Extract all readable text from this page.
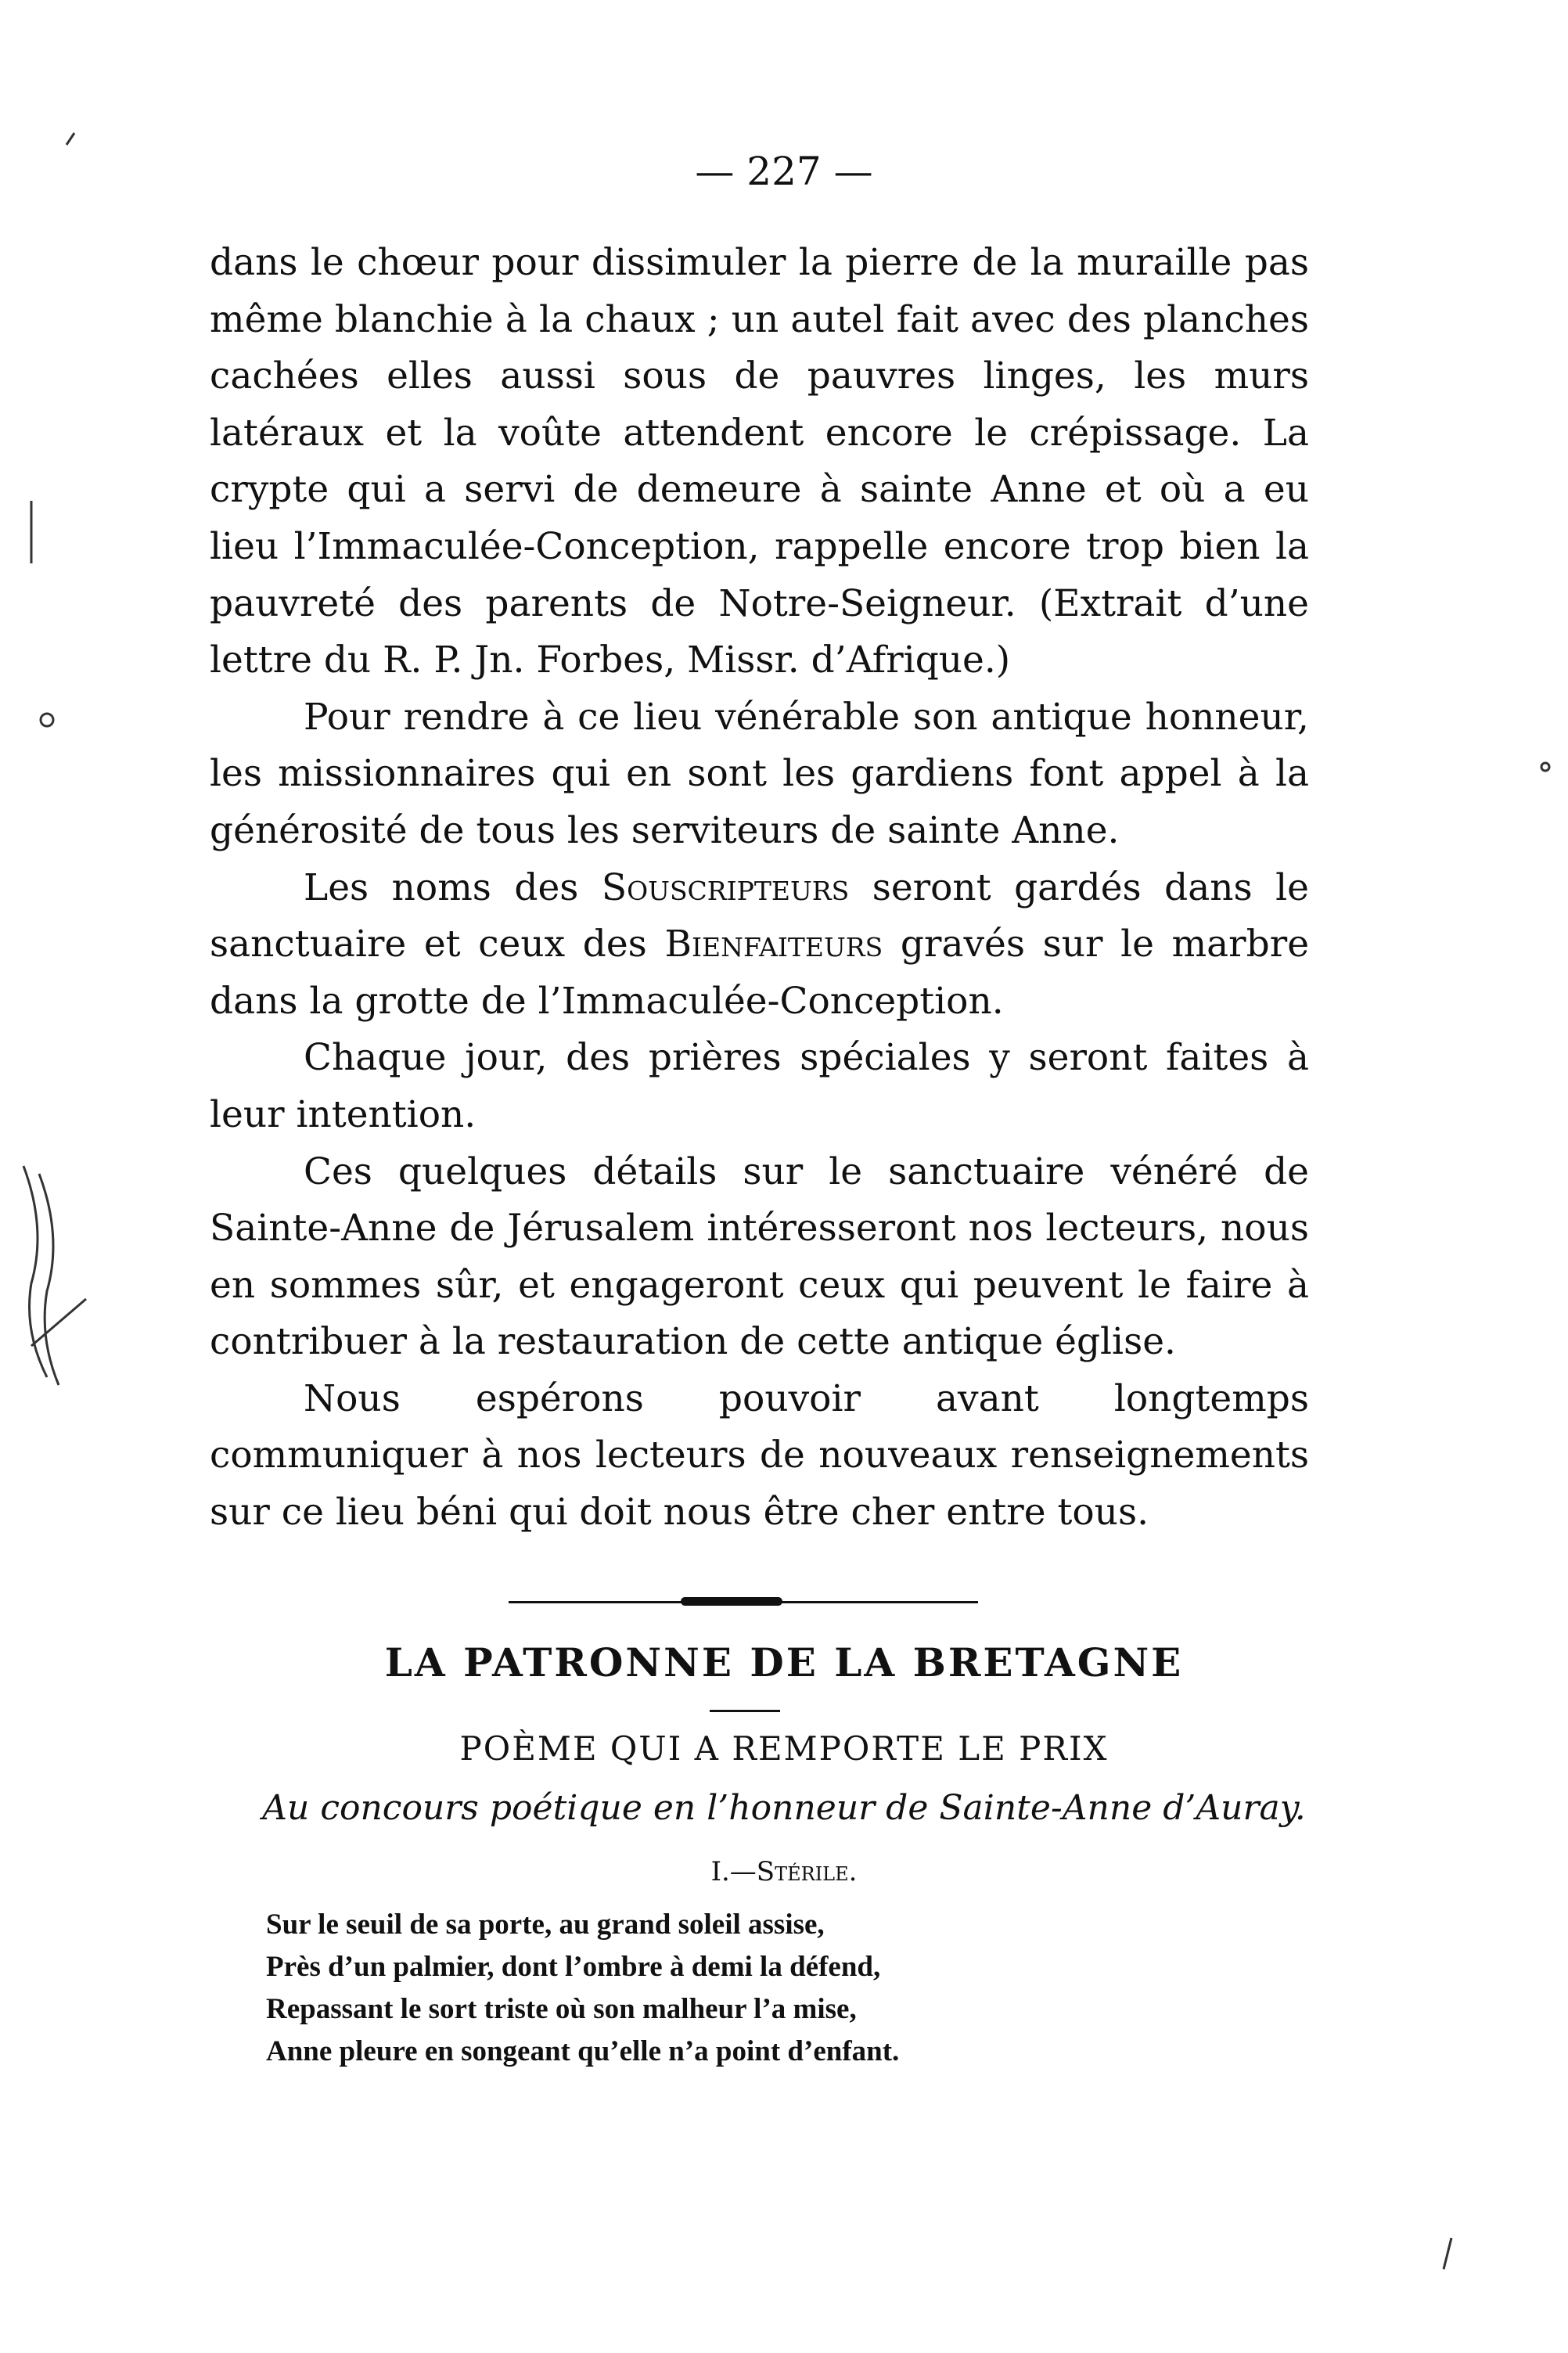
— 227 —

dans le chœur pour dissimuler la pierre de la muraille pas même blanchie à la chaux ; un autel fait avec des planches cachées elles aussi sous de pauvres linges, les murs latéraux et la voûte attendent encore le crépissage. La crypte qui a servi de demeure à sainte Anne et où a eu lieu l’Immaculée-Conception, rappelle encore trop bien la pauvreté des parents de Notre-Seigneur. (Extrait d’une lettre du R. P. Jn. Forbes, Missr. d’Afrique.)

Pour rendre à ce lieu vénérable son antique honneur, les missionnaires qui en sont les gardiens font appel à la générosité de tous les serviteurs de sainte Anne.

Les noms des Souscripteurs seront gardés dans le sanctuaire et ceux des Bienfaiteurs gravés sur le marbre dans la grotte de l’Immaculée-Conception.

Chaque jour, des prières spéciales y seront faites à leur intention.

Ces quelques détails sur le sanctuaire vénéré de Sainte-Anne de Jérusalem intéresseront nos lecteurs, nous en sommes sûr, et engageront ceux qui peuvent le faire à contribuer à la restauration de cette antique église.

Nous espérons pouvoir avant longtemps communiquer à nos lecteurs de nouveaux renseignements sur ce lieu béni qui doit nous être cher entre tous.

LA PATRONNE DE LA BRETAGNE
POÈME QUI A REMPORTE LE PRIX
Au concours poétique en l’honneur de Sainte-Anne d’Auray.
I.—Stérile.
Sur le seuil de sa porte, au grand soleil assise,
Près d’un palmier, dont l’ombre à demi la défend,
Repassant le sort triste où son malheur l’a mise,
Anne pleure en songeant qu’elle n’a point d’enfant.
